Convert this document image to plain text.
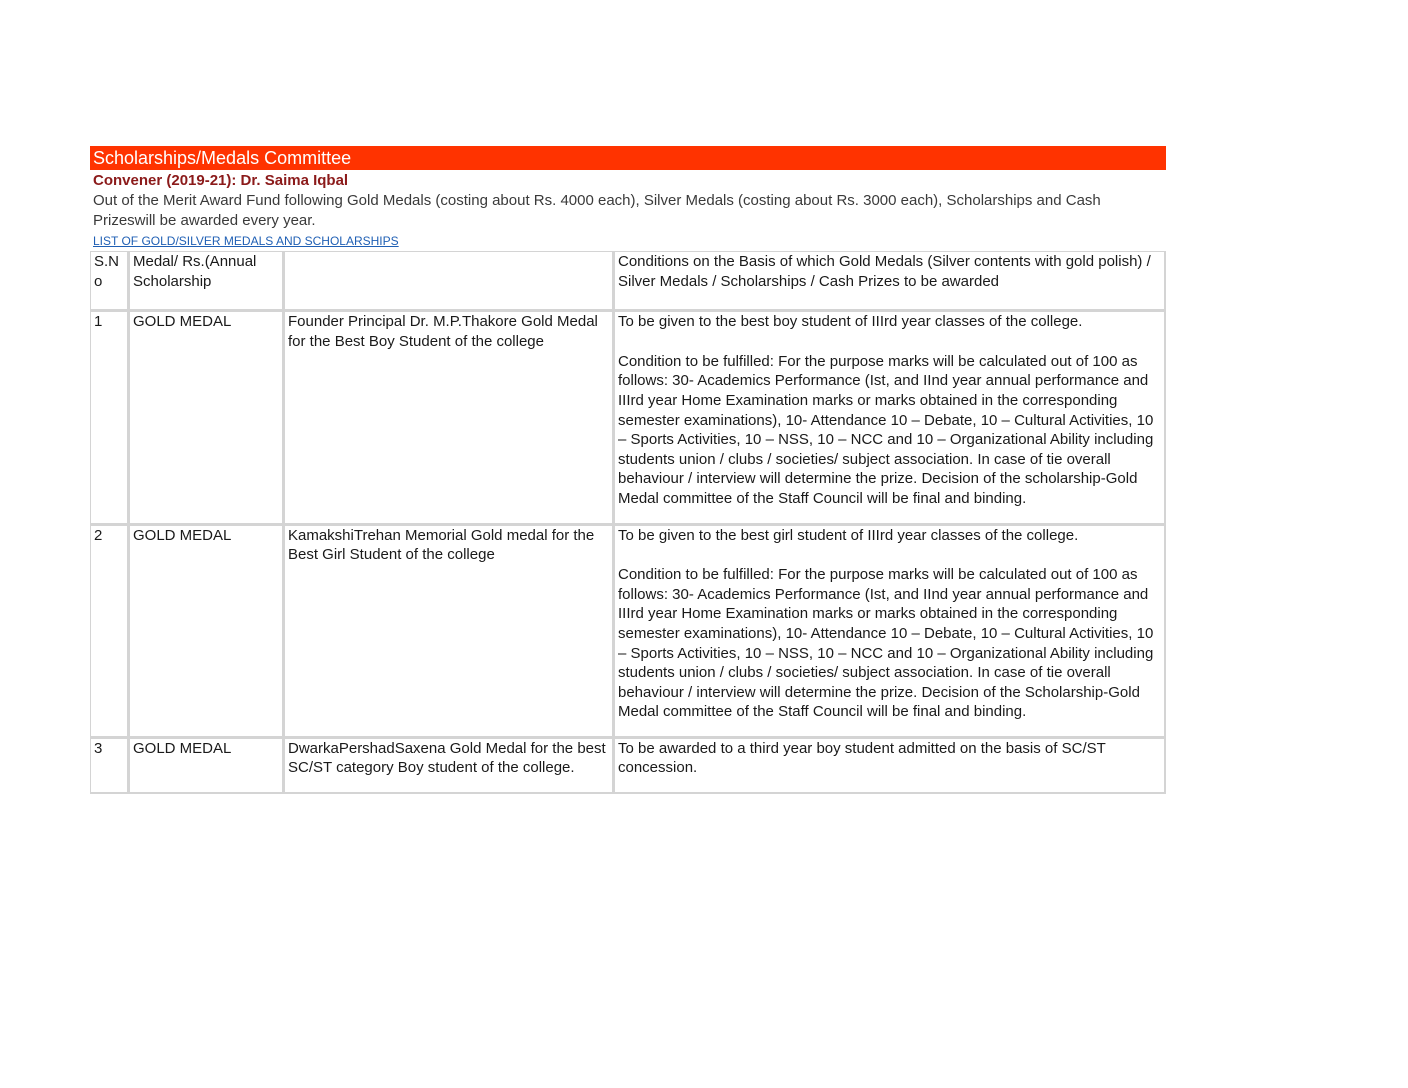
Scholarships/Medals Committee
Convener (2019-21): Dr. Saima Iqbal
Out of the Merit Award Fund following Gold Medals (costing about Rs. 4000 each), Silver Medals (costing about Rs. 3000 each), Scholarships and Cash Prizeswill be awarded every year.
LIST OF GOLD/SILVER MEDALS AND SCHOLARSHIPS
S.N o	Medal/ Rs.(Annual Scholarship		Conditions on the Basis of which Gold Medals (Silver contents with gold polish) / Silver Medals / Scholarships / Cash Prizes to be awarded
1	GOLD MEDAL	Founder Principal Dr. M.P.Thakore Gold Medal for the Best Boy Student of the college	To be given to the best boy student of IIIrd year classes of the college.
Condition to be fulfilled: For the purpose marks will be calculated out of 100 as follows: 30- Academics Performance (Ist, and IInd year annual performance and IIIrd year Home Examination marks or marks obtained in the corresponding semester examinations), 10- Attendance 10 – Debate, 10 – Cultural Activities, 10 – Sports Activities, 10 – NSS, 10 – NCC and 10 – Organizational Ability including students union / clubs / societies/ subject association. In case of tie overall behaviour / interview will determine the prize. Decision of the scholarship-Gold Medal committee of the Staff Council will be final and binding.
2	GOLD MEDAL	KamakshiTrehan Memorial Gold medal for the Best Girl Student of the college	To be given to the best girl student of IIIrd year classes of the college.
Condition to be fulfilled: For the purpose marks will be calculated out of 100 as follows: 30- Academics Performance (Ist, and IInd year annual performance and IIIrd year Home Examination marks or marks obtained in the corresponding semester examinations), 10- Attendance 10 – Debate, 10 – Cultural Activities, 10 – Sports Activities, 10 – NSS, 10 – NCC and 10 – Organizational Ability including students union / clubs / societies/ subject association. In case of tie overall behaviour / interview will determine the prize. Decision of the Scholarship-Gold Medal committee of the Staff Council will be final and binding.
3	GOLD MEDAL	DwarkaPershadSaxena Gold Medal for the best SC/ST category Boy student of the college.	To be awarded to a third year boy student admitted on the basis of SC/ST concession.
